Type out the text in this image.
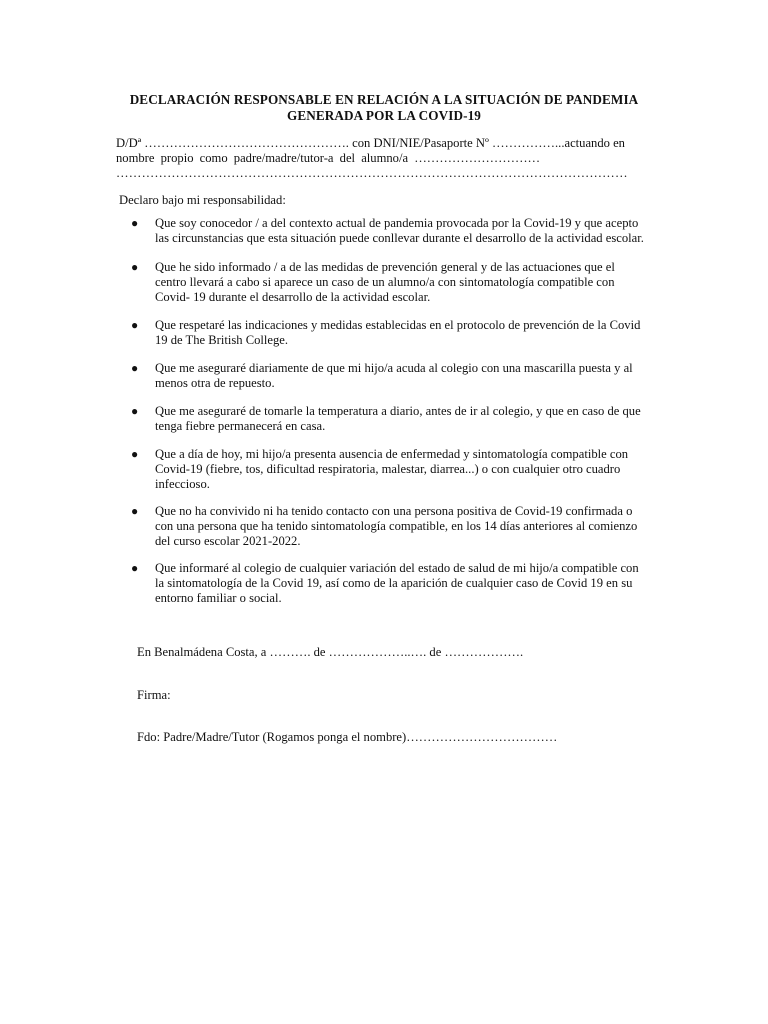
DECLARACIÓN RESPONSABLE EN RELACIÓN A LA SITUACIÓN DE PANDEMIA
GENERADA POR LA COVID-19
D/Dª …………………………………………. con DNI/NIE/Pasaporte Nº ……………...actuando en
nombre propio como padre/madre/tutor-a del alumno/a …………………………
…………………………………………………………………………………………………………
Declaro bajo mi responsabilidad:
●	Que soy conocedor / a del contexto actual de pandemia provocada por la Covid-19 y que acepto
las circunstancias que esta situación puede conllevar durante el desarrollo de la actividad escolar.
●	Que he sido informado / a de las medidas de prevención general y de las actuaciones que el
centro llevará a cabo si aparece un caso de un alumno/a con sintomatología compatible con
Covid- 19 durante el desarrollo de la actividad escolar.
●	Que respetaré las indicaciones y medidas establecidas en el protocolo de prevención de la Covid
19 de The British College.
●	Que me aseguraré diariamente de que mi hijo/a acuda al colegio con una mascarilla puesta y al
menos otra de repuesto.
●	Que me aseguraré de tomarle la temperatura a diario, antes de ir al colegio, y que en caso de que
tenga fiebre permanecerá en casa.
●	Que a día de hoy, mi hijo/a presenta ausencia de enfermedad y sintomatología compatible con
Covid-19 (fiebre, tos, dificultad respiratoria, malestar, diarrea...) o con cualquier otro cuadro
infeccioso.
●	Que no ha convivido ni ha tenido contacto con una persona positiva de Covid-19 confirmada o
con una persona que ha tenido sintomatología compatible, en los 14 días anteriores al comienzo
del curso escolar 2021-2022.
●	Que informaré al colegio de cualquier variación del estado de salud de mi hijo/a compatible con
la sintomatología de la Covid 19, así como de la aparición de cualquier caso de Covid 19 en su
entorno familiar o social.
En Benalmádena Costa, a ………. de ………………..…. de ……………….
Firma:
Fdo: Padre/Madre/Tutor (Rogamos ponga el nombre)………………………………
